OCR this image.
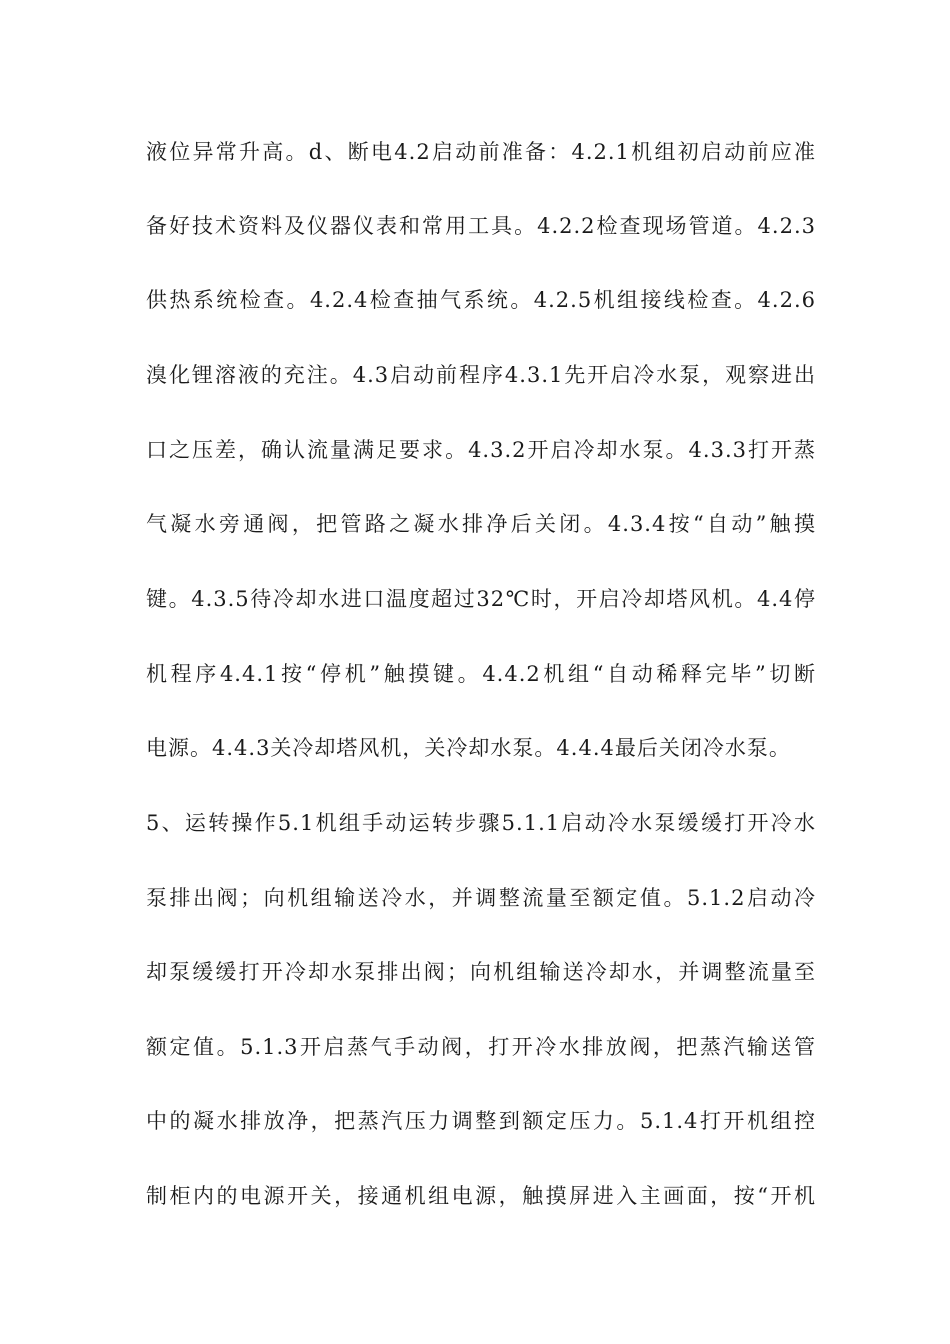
液位异常升高。d、断电4.2启动前准备：4.2.1机组初启动前应准
备好技术资料及仪器仪表和常用工具。4.2.2检查现场管道。4.2.3
供热系统检查。4.2.4检查抽气系统。4.2.5机组接线检查。4.2.6
溴化锂溶液的充注。4.3启动前程序4.3.1先开启冷水泵，观察进出
口之压差，确认流量满足要求。4.3.2开启冷却水泵。4.3.3打开蒸
气凝水旁通阀，把管路之凝水排净后关闭。4.3.4按“自动”触摸
键。4.3.5待冷却水进口温度超过32℃时，开启冷却塔风机。4.4停
机程序4.4.1按“停机”触摸键。4.4.2机组“自动稀释完毕”切断
电源。4.4.3关冷却塔风机，关冷却水泵。4.4.4最后关闭冷水泵。
5、运转操作5.1机组手动运转步骤5.1.1启动冷水泵缓缓打开冷水
泵排出阀；向机组输送冷水，并调整流量至额定值。5.1.2启动冷
却泵缓缓打开冷却水泵排出阀；向机组输送冷却水，并调整流量至
额定值。5.1.3开启蒸气手动阀，打开冷水排放阀，把蒸汽输送管
中的凝水排放净，把蒸汽压力调整到额定压力。5.1.4打开机组控
制柜内的电源开关，接通机组电源，触摸屏进入主画面，按“开机
